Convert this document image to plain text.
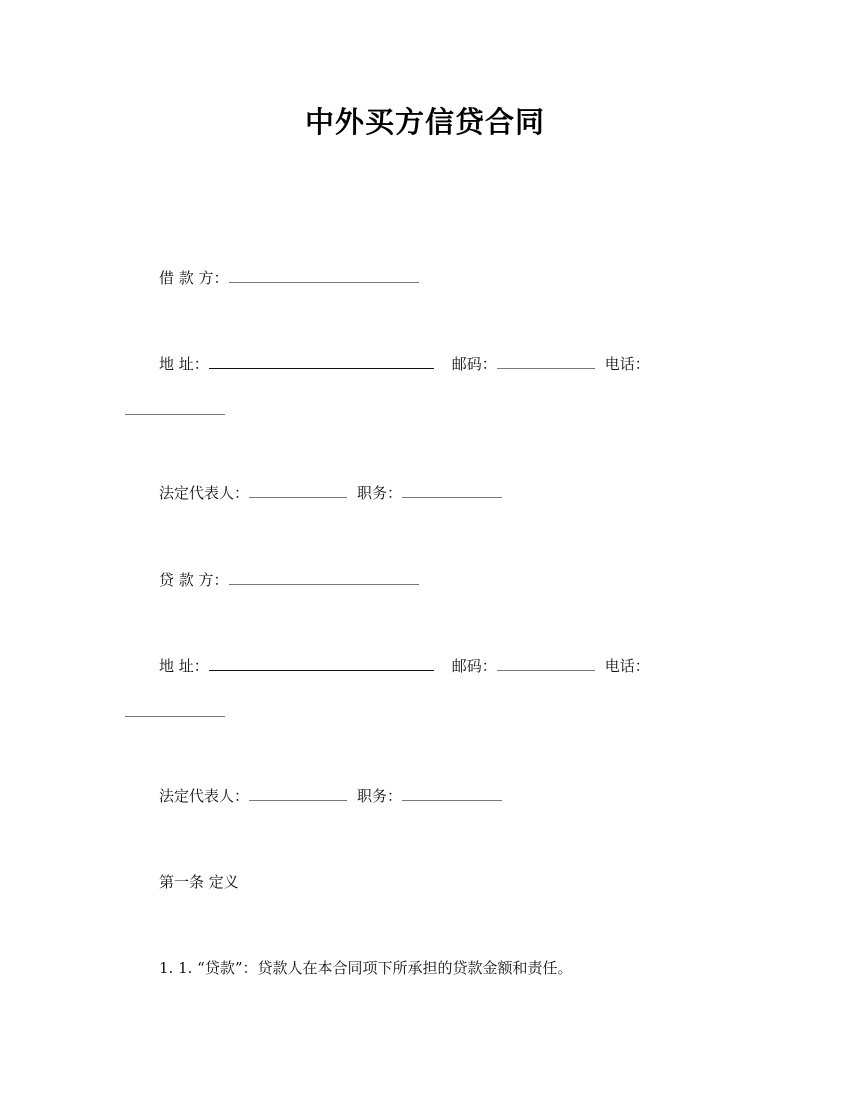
中外买方信贷合同
借 款 方：
地 址：	邮码：	电话：
法定代表人：	职务：
贷 款 方：
地 址：	邮码：	电话：
法定代表人：	职务：
第一条 定义
1. 1. “贷款”：贷款人在本合同项下所承担的贷款金额和责任。
